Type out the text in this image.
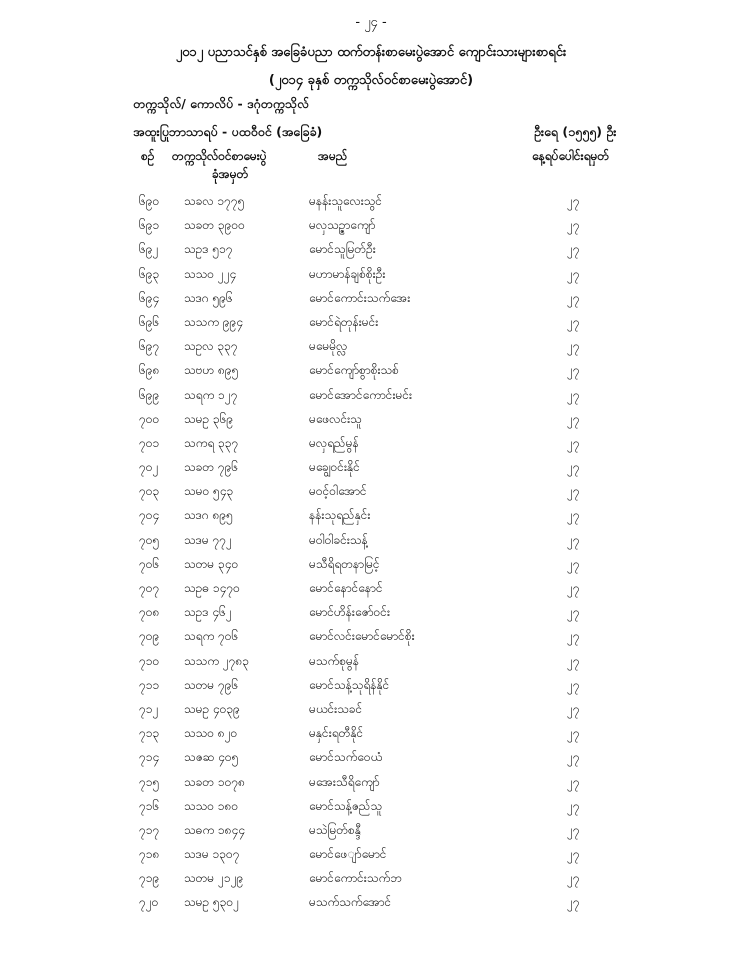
- ၂၄ -
၂၀၁၂ ပညာသင်နှစ် အခြေခံပညာ ထက်တန်းစာမေးပွဲအောင် ကျောင်းသားများစာရင်း
(၂၀၁၄ ခုနှစ် တက္ကသိုလ်ဝင်စာမေးပွဲအောင်)
တက္ကသိုလ်/ ကောလိပ် - ဒဂုံတက္ကသိုလ်
အထူးပြုဘာသာရပ် - ပထဝီဝင် (အခြေခံ)	ဦးရေ (၁၅၅၅) ဦး
စဉ် တက္ကသိုလ်ဝင်စာမေးပွဲ
ခုံအမှတ်
အမည်	နေ့ရပ်ပေါင်းရမှတ်
၆၉၀ သခလ ၁၇၇၅	မနန်းသူလေးသွင်	၂၇
၆၉၁ သခတ ၃၉၀၀	မလှသဉ္ဇာကျော်	၂၇
၆၉၂ သဥဒ ၅၁၇	မောင်သူမြတ်ဦး	၂၇
၆၉၃ သသဝ ၂၂၄	မဟာမာန်ချစ်စိုးဦး	၂၇
၆၉၄ သဒဂ ၅၉၆	မောင်ကောင်းသက်အေး	၂၇
၆၉၆ သသက ၉၉၄	မောင်ရဲတုန်းမင်း	၂၇
၆၉၇ သဥလ ၃၃၇	မမေမိုလ္လ	၂၇
၆၉၈ သဗဟ ၈၉၅	မောင်ကျော်စွာစိုးသစ်	၂၇
၆၉၉ သရက ၁၂၇	မောင်အောင်ကောင်းမင်း	၂၇
၇၀၀ သမဥ ၃၆၉	မဖေလင်းသူ	၂၇
၇၀၁ သကရ ၃၃၇	မလှရည်မွန်	၂၇
၇၀၂ သခတ ၇၉၆	မချွေဝင်းနိုင်	၂၇
၇၀၃ သမဝ ၅၄၃	မဝင့်ဝါအောင်	၂၇
၇၀၄ သဒဂ ၈၉၅	နန်းသုရည်နှင်း	၂၇
၇၀၅ သဒမ ၇၇၂	မဝါဝါခင်းသန့်	၂၇
၇၀၆ သတမ ၃၄၀	မသီရိရတနာမြင့်	၂၇
၇၀၇ သဥဓ ၁၄၇၀	မောင်နောင်နောင်	၂၇
၇၀၈ သဥဒ ၄၆၂	မောင်ဟိန်းဇော်ဝင်း	၂၇
၇၀၉ သရက ၇၀၆	မောင်လင်းမောင်မောင်စိုး	၂၇
၇၁၀ သသက ၂၇၈၃	မသက်စုမွန်	၂၇
၇၁၁ သတမ ၇၉၆	မောင်သန့်သုရိန်နိုင်	၂၇
၇၁၂ သမဥ ၄၀၃၉	မယင်းသခင်	၂၇
၇၁၃ သသဝ ၈၂၀	မနှင်းရတီနိုင်	၂၇
၇၁၄ သဇဆ ၄၀၅	မောင်သက်ဝေယံ	၂၇
၇၁၅ သခတ ၁၀၇၈	မအေးသီရိကျော်	၂၇
၇၁၆ သသဝ ၁၈၀	မောင်သန့်ဇည်သူ	၂၇
၇၁၇ သဓက ၁၈၄၄	မသဲမြတ်စန္ဒီ	၂၇
၇၁၈ သဒမ ၁၃၀၇	မောင်ဖေျာ်မောင်	၂၇
၇၁၉ သတမ ၂၁၂၉	မောင်ကောင်းသက်ဘ	၂၇
၇၂၀ သမဥ ၅၃၀၂	မသက်သက်အောင်	၂၇
